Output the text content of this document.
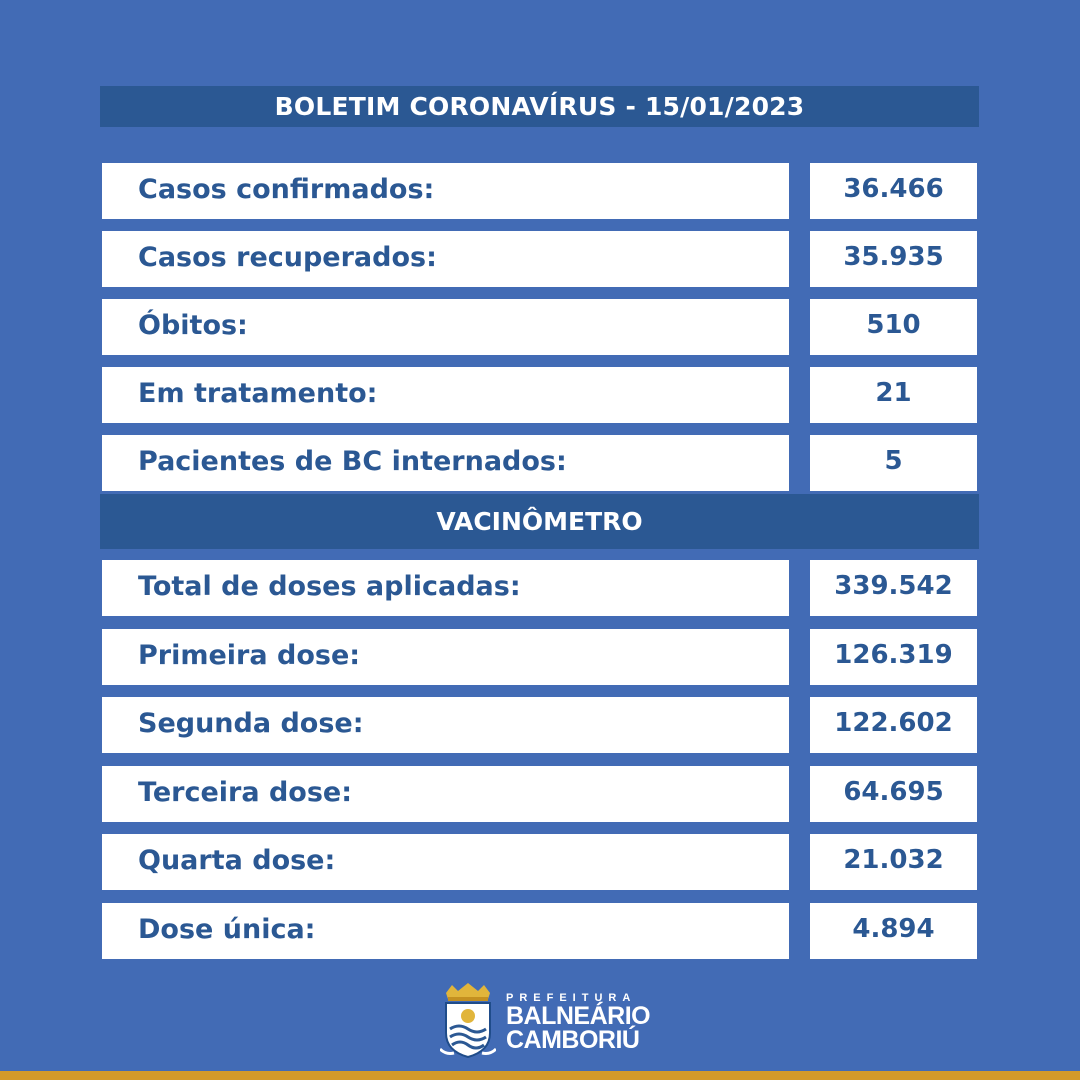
BOLETIM CORONAVÍRUS - 15/01/2023
Casos confirmados:	36.466
Casos recuperados:	35.935
Óbitos:	510
Em tratamento:	21
Pacientes de BC internados:	5
VACINÔMETRO
Total de doses aplicadas:	339.542
Primeira dose:	126.319
Segunda dose:	122.602
Terceira dose:	64.695
Quarta dose:	21.032
Dose única:	4.894
PREFEITURA
BALNEÁRIO
CAMBORIÚ
